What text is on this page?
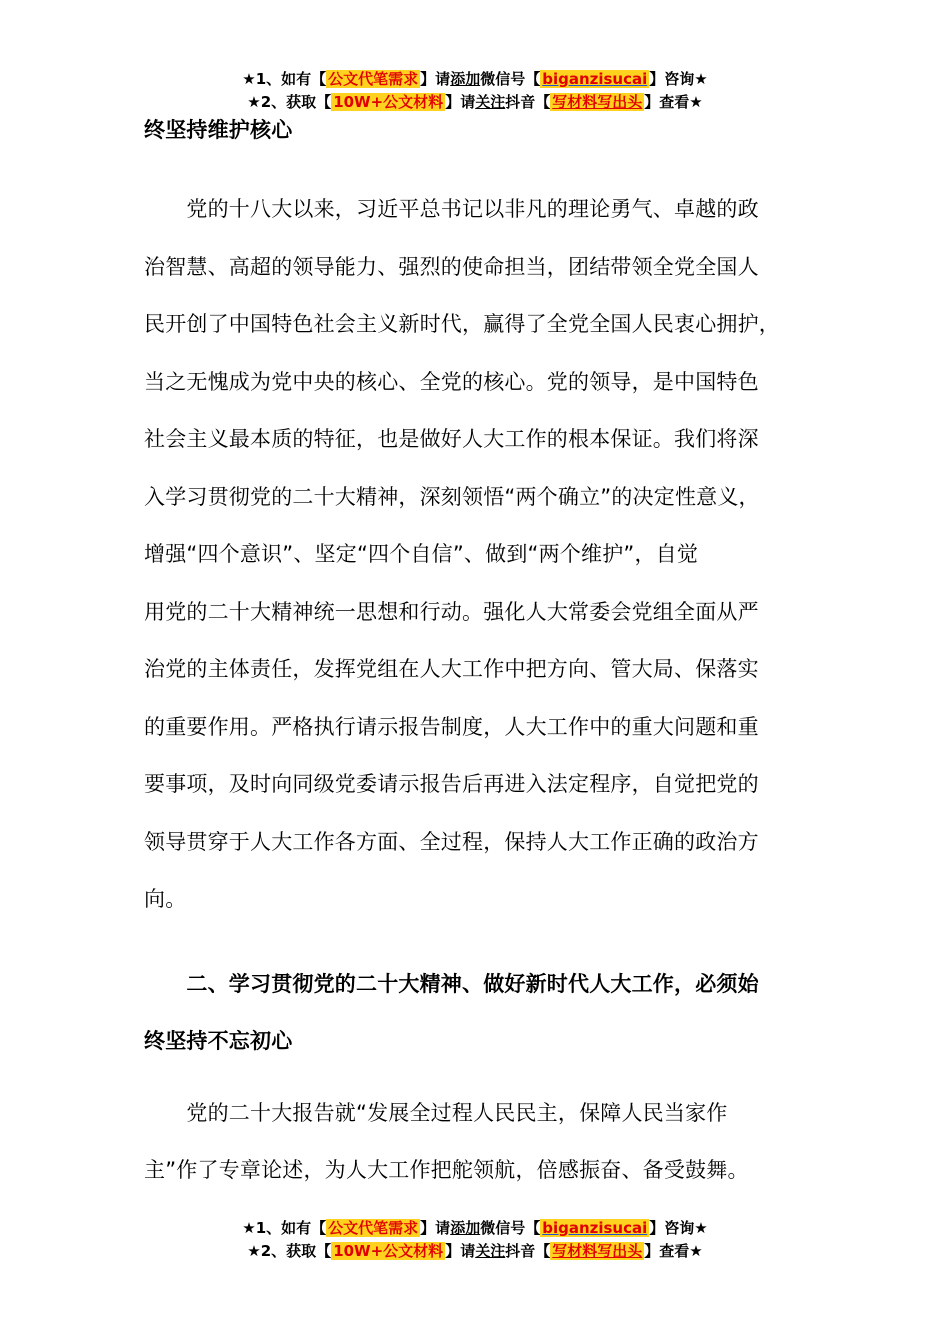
★1、如有【 公文代笔需求 】请添加微信号【 biganzisucai 】咨询★
★2、获取【 10W+公文材料 】请关注抖音【 写材料写出头 】查看★
终坚持维护核心
　　党的十八大以来，习近平总书记以非凡的理论勇气、卓越的政
治智慧、高超的领导能力、强烈的使命担当，团结带领全党全国人
民开创了中国特色社会主义新时代，赢得了全党全国人民衷心拥护，
当之无愧成为党中央的核心、全党的核心。党的领导，是中国特色
社会主义最本质的特征，也是做好人大工作的根本保证。我们将深
入学习贯彻党的二十大精神，深刻领悟“两个确立”的决定性意义，
增强“四个意识”、坚定“四个自信”、做到“两个维护”，自觉
用党的二十大精神统一思想和行动。强化人大常委会党组全面从严
治党的主体责任，发挥党组在人大工作中把方向、管大局、保落实
的重要作用。严格执行请示报告制度，人大工作中的重大问题和重
要事项，及时向同级党委请示报告后再进入法定程序，自觉把党的
领导贯穿于人大工作各方面、全过程，保持人大工作正确的政治方
向。
　　二、学习贯彻党的二十大精神、做好新时代人大工作，必须始
终坚持不忘初心
　　党的二十大报告就“发展全过程人民民主，保障人民当家作
主”作了专章论述，为人大工作把舵领航，倍感振奋、备受鼓舞。
★1、如有【 公文代笔需求 】请添加微信号【 biganzisucai 】咨询★
★2、获取【 10W+公文材料 】请关注抖音【 写材料写出头 】查看★
